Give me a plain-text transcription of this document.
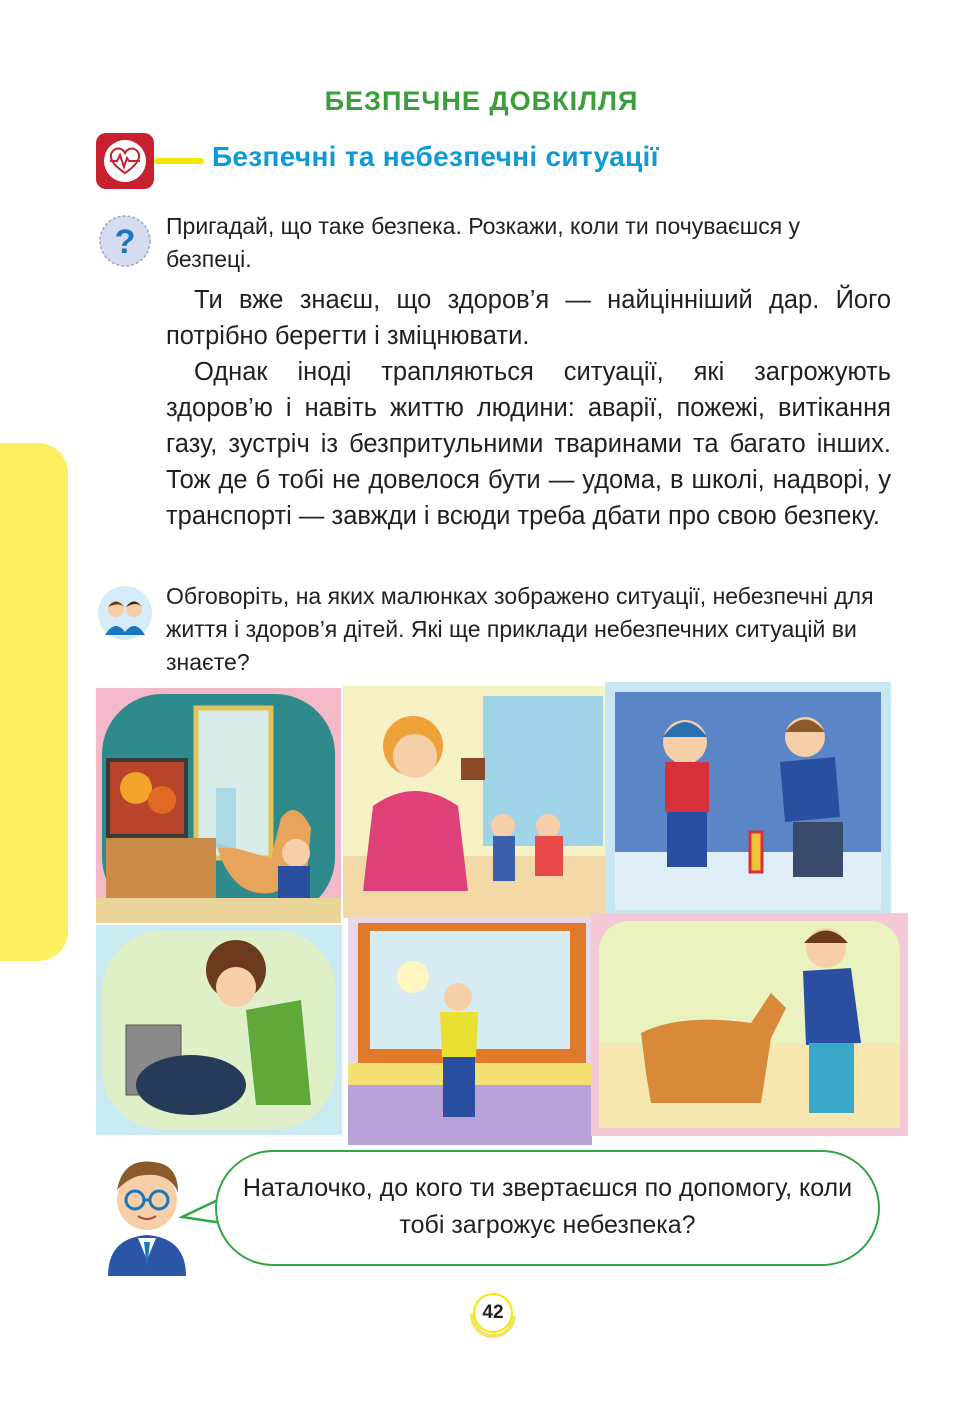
БЕЗПЕЧНЕ ДОВКІЛЛЯ
Безпечні та небезпечні ситуації
? Пригадай, що таке безпека. Розкажи, коли ти почуваєшся у безпеці.

Ти вже знаєш, що здоров’я — найцінніший дар. Його потрібно берегти і зміцнювати.

Однак іноді трапляються ситуації, які загрожують здоров’ю і навіть життю людини: аварії, пожежі, витікання газу, зустріч із безпритульними тваринами та багато інших. Тож де б тобі не довелося бути — удома, в школі, надворі, у транспорті — завжди і всюди треба дбати про свою безпеку.

Обговоріть, на яких малюнках зображено ситуації, небезпечні для життя і здоров’я дітей. Які ще приклади небезпечних ситуацій ви знаєте?
Наталочко, до кого ти звертаєшся по допомогу, коли тобі загрожує небезпека?
42
